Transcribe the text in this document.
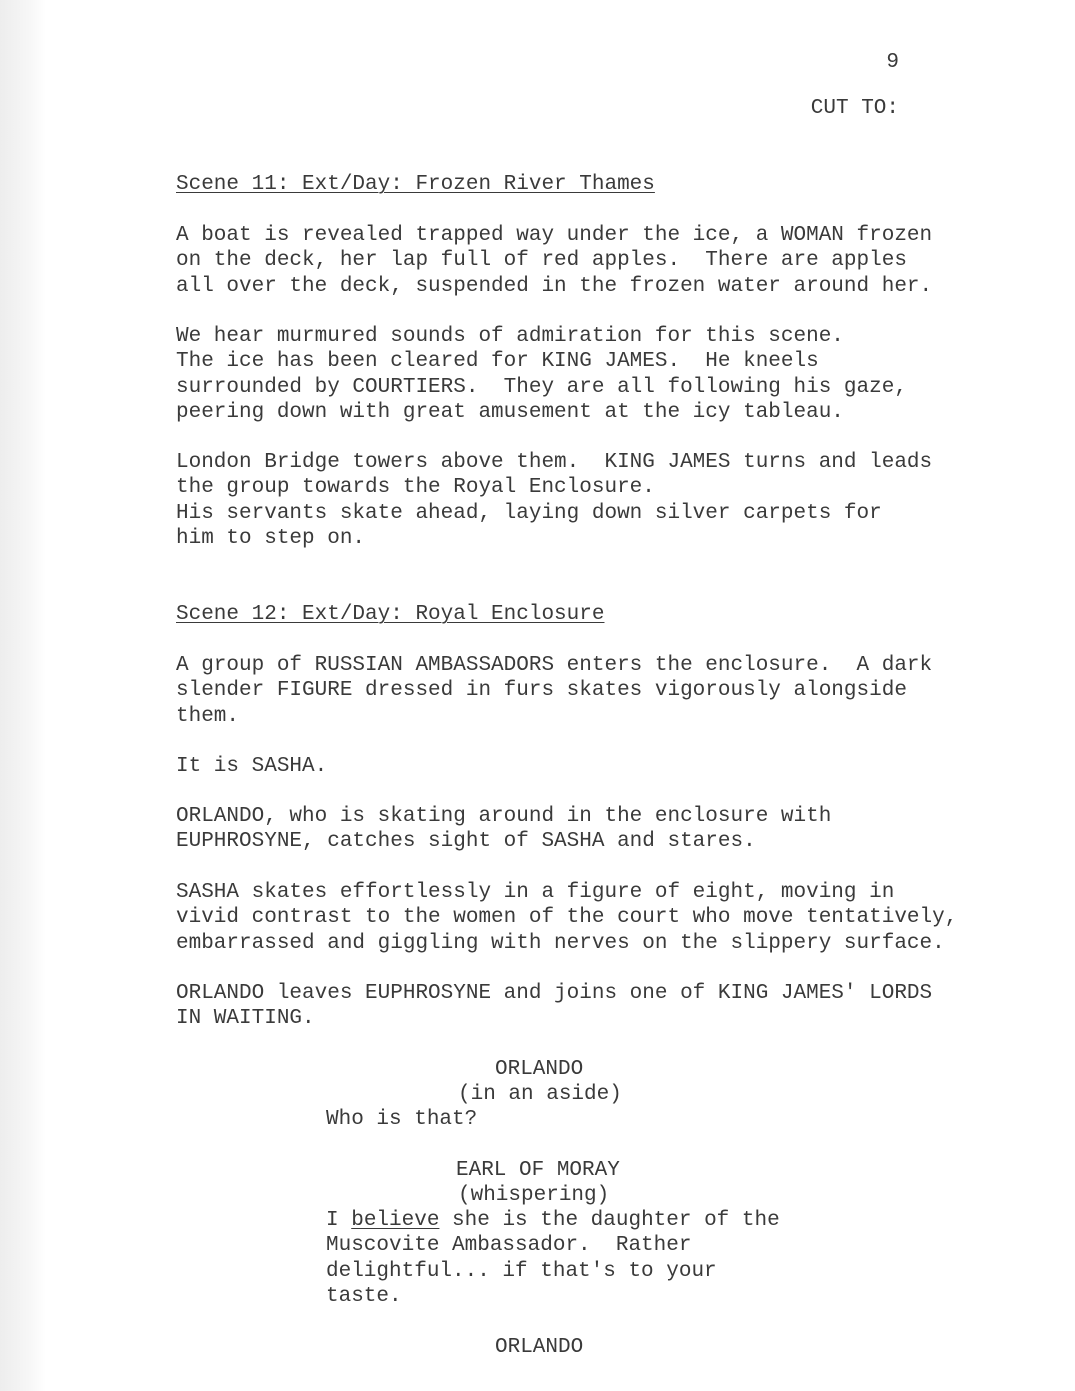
9
CUT TO:
Scene 11: Ext/Day: Frozen River Thames
A boat is revealed trapped way under the ice, a WOMAN frozen
on the deck, her lap full of red apples.  There are apples
all over the deck, suspended in the frozen water around her.
We hear murmured sounds of admiration for this scene.
The ice has been cleared for KING JAMES.  He kneels
surrounded by COURTIERS.  They are all following his gaze,
peering down with great amusement at the icy tableau.
London Bridge towers above them.  KING JAMES turns and leads
the group towards the Royal Enclosure.
His servants skate ahead, laying down silver carpets for
him to step on.
Scene 12: Ext/Day: Royal Enclosure
A group of RUSSIAN AMBASSADORS enters the enclosure.  A dark
slender FIGURE dressed in furs skates vigorously alongside
them.
It is SASHA.
ORLANDO, who is skating around in the enclosure with
EUPHROSYNE, catches sight of SASHA and stares.
SASHA skates effortlessly in a figure of eight, moving in
vivid contrast to the women of the court who move tentatively,
embarrassed and giggling with nerves on the slippery surface.
ORLANDO leaves EUPHROSYNE and joins one of KING JAMES' LORDS
IN WAITING.
ORLANDO
(in an aside)
Who is that?
EARL OF MORAY
(whispering)
I believe she is the daughter of the
Muscovite Ambassador.  Rather
delightful... if that's to your
taste.
ORLANDO
